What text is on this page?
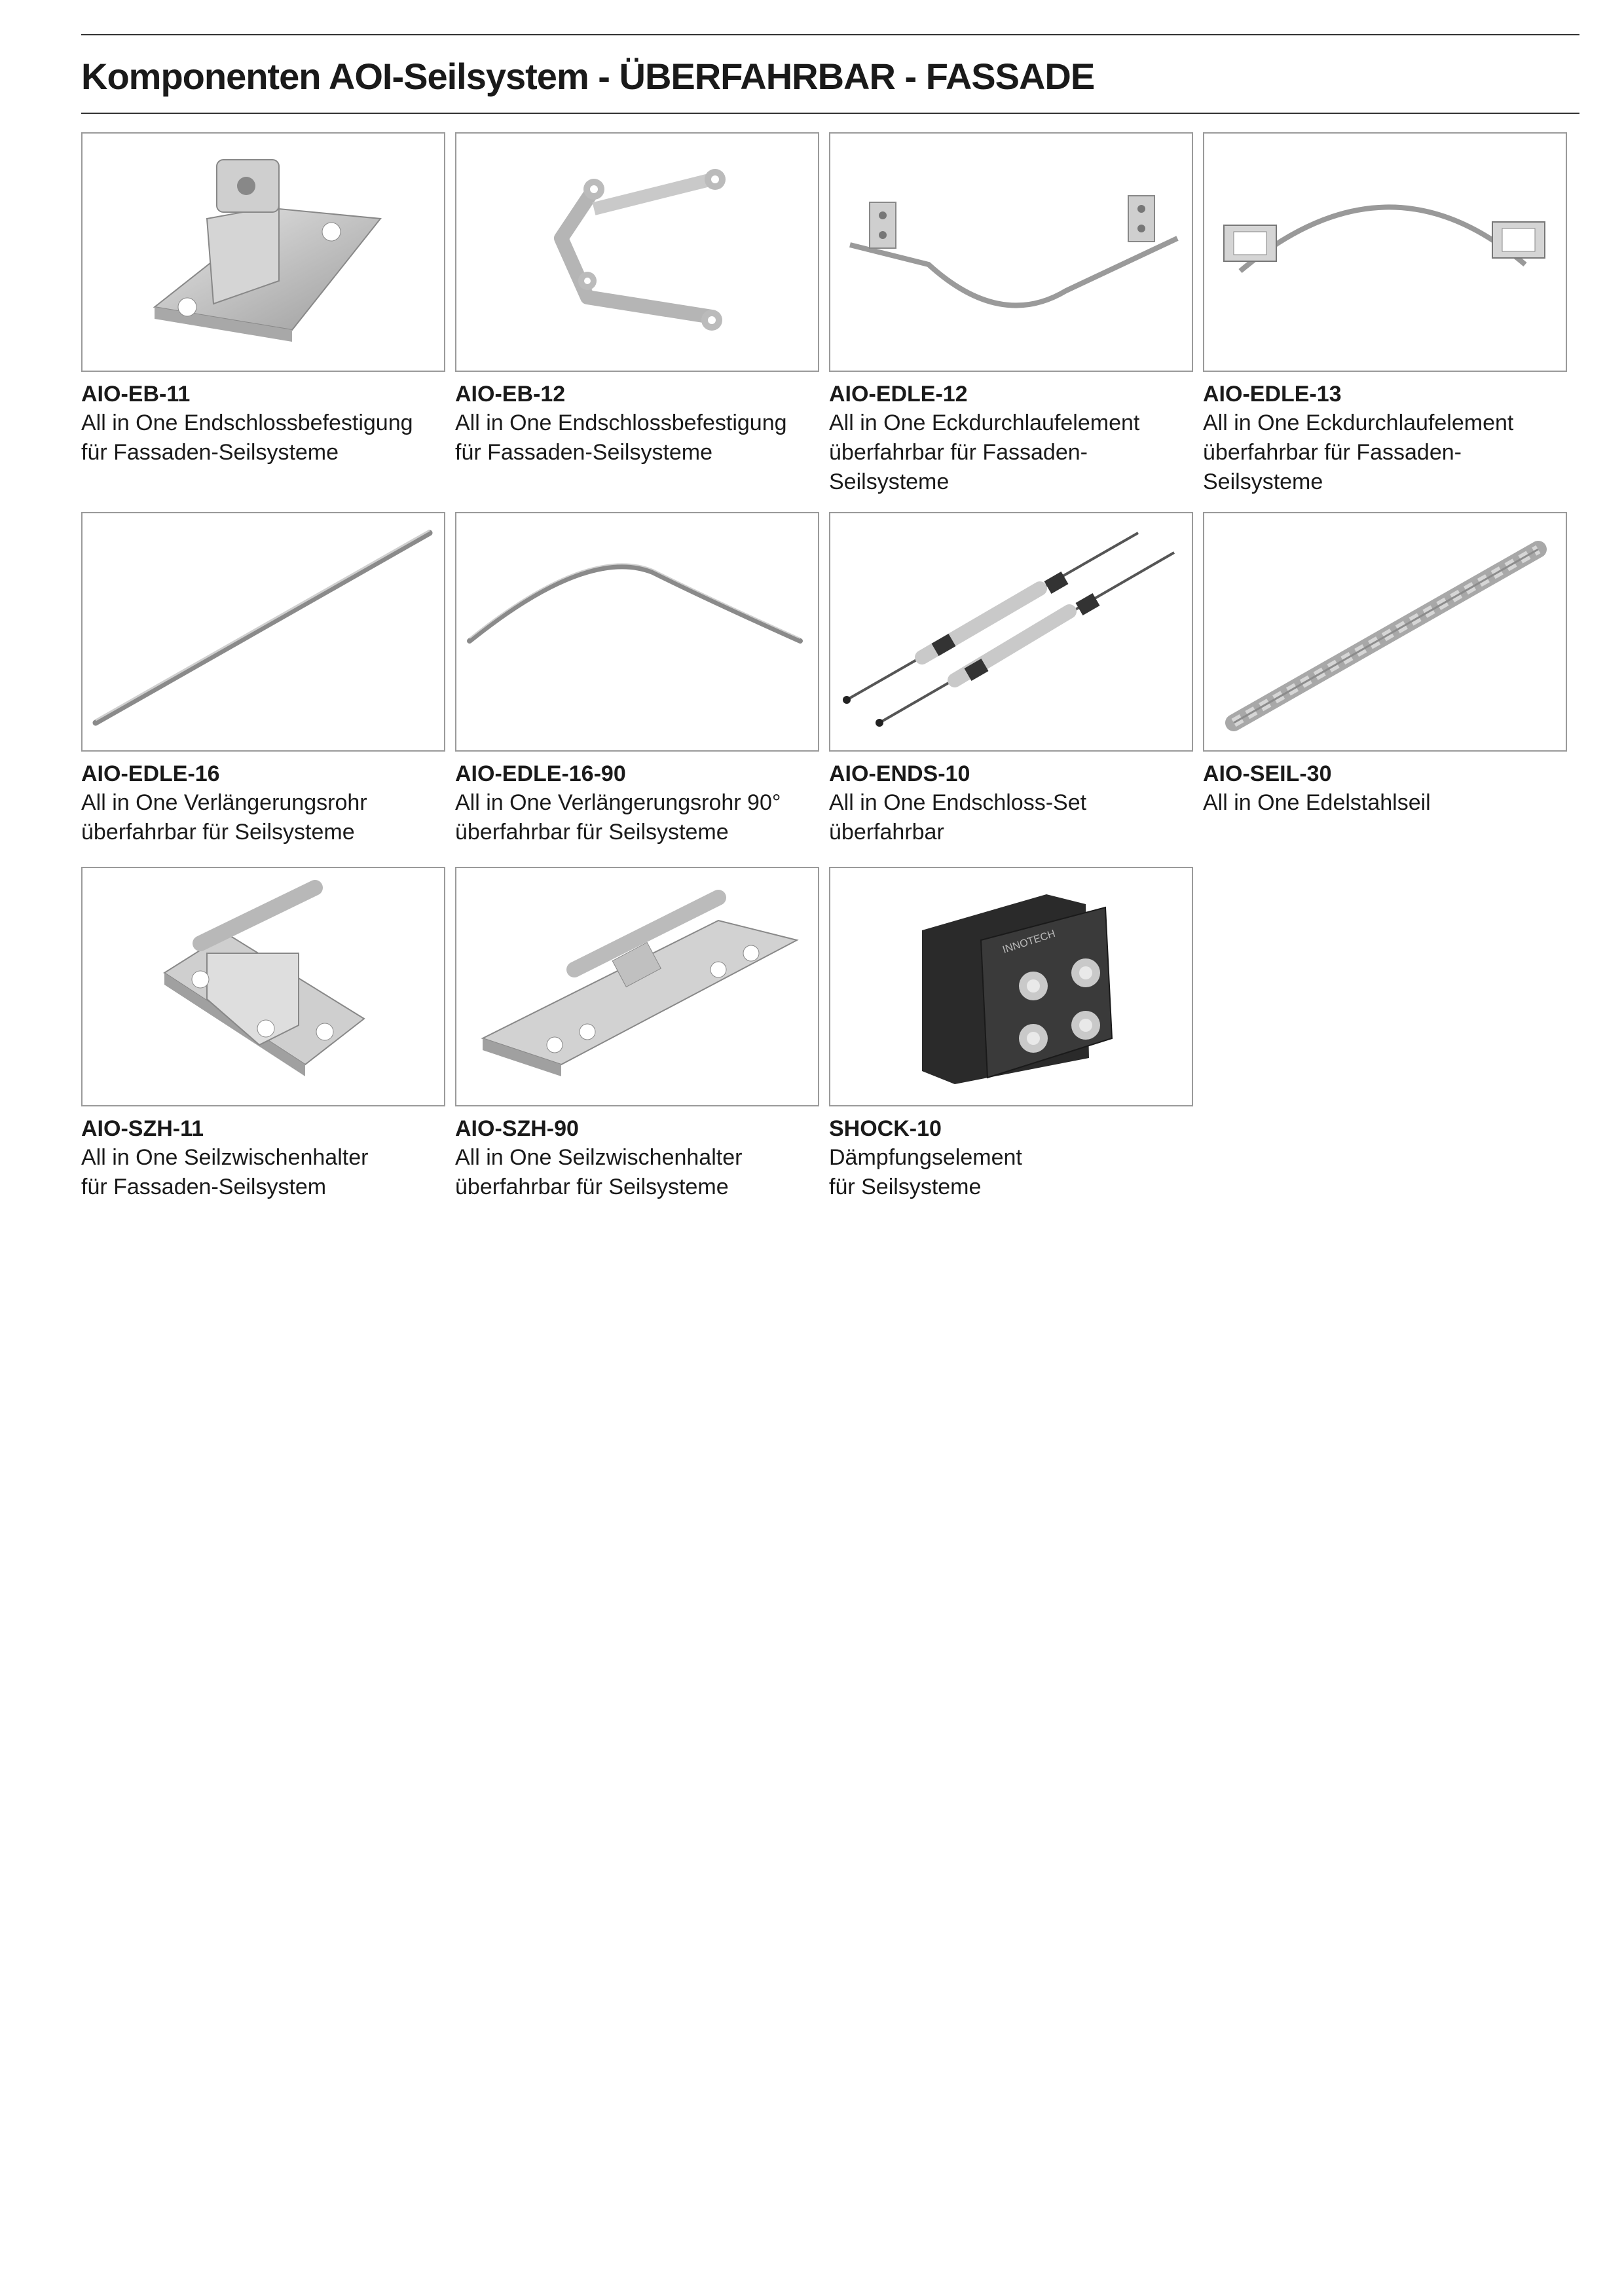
Komponenten AOI-Seilsystem - ÜBERFAHRBAR - FASSADE
AIO-EB-11
All in One Endschlossbefestigung
für Fassaden-Seilsysteme
AIO-EB-12
All in One Endschlossbefestigung
für Fassaden-Seilsysteme
AIO-EDLE-12
All in One Eckdurchlaufelement
überfahrbar für Fassaden-
Seilsysteme
AIO-EDLE-13
All in One Eckdurchlaufelement
überfahrbar für Fassaden-
Seilsysteme
AIO-EDLE-16
All in One Verlängerungsrohr
überfahrbar für Seilsysteme
AIO-EDLE-16-90
All in One Verlängerungsrohr 90°
überfahrbar für Seilsysteme
AIO-ENDS-10
All in One Endschloss-Set
überfahrbar
AIO-SEIL-30
All in One Edelstahlseil
AIO-SZH-11
All in One Seilzwischenhalter
für Fassaden-Seilsystem
AIO-SZH-90
All in One Seilzwischenhalter
überfahrbar für Seilsysteme
INNOTECH
SHOCK-10
Dämpfungselement
für Seilsysteme
